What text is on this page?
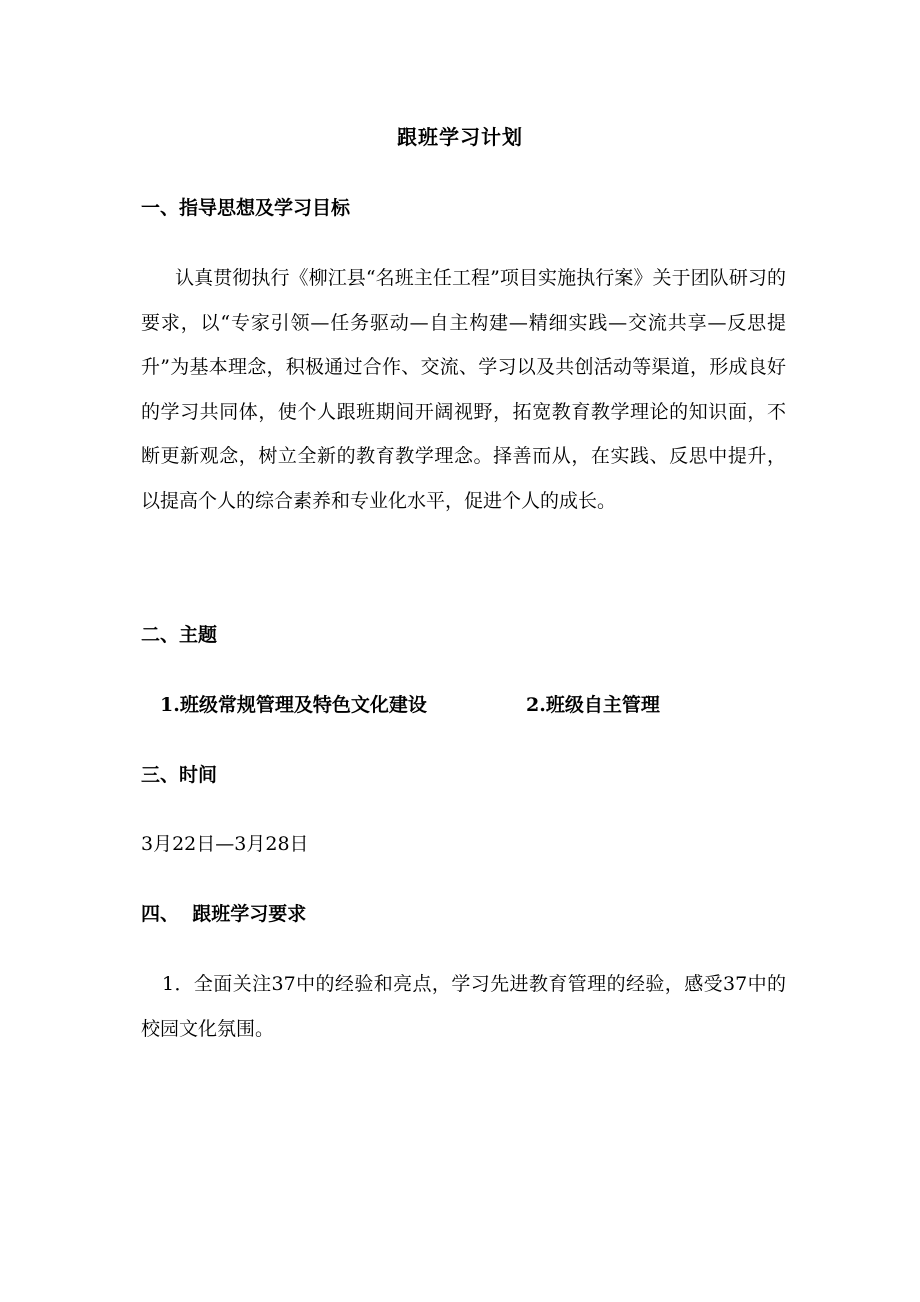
跟班学习计划
一、指导思想及学习目标
认真贯彻执行《柳江县“名班主任工程”项目实施执行案》关于团队研习的要求，以“专家引领—任务驱动—自主构建—精细实践—交流共享—反思提升”为基本理念，积极通过合作、交流、学习以及共创活动等渠道，形成良好的学习共同体，使个人跟班期间开阔视野，拓宽教育教学理论的知识面，不断更新观念，树立全新的教育教学理念。择善而从，在实践、反思中提升，以提高个人的综合素养和专业化水平，促进个人的成长。
二、主题
1.班级常规管理及特色文化建设	2.班级自主管理
三、时间
3月22日—3月28日
四、  跟班学习要求
1．全面关注37中的经验和亮点，学习先进教育管理的经验，感受37中的校园文化氛围。
